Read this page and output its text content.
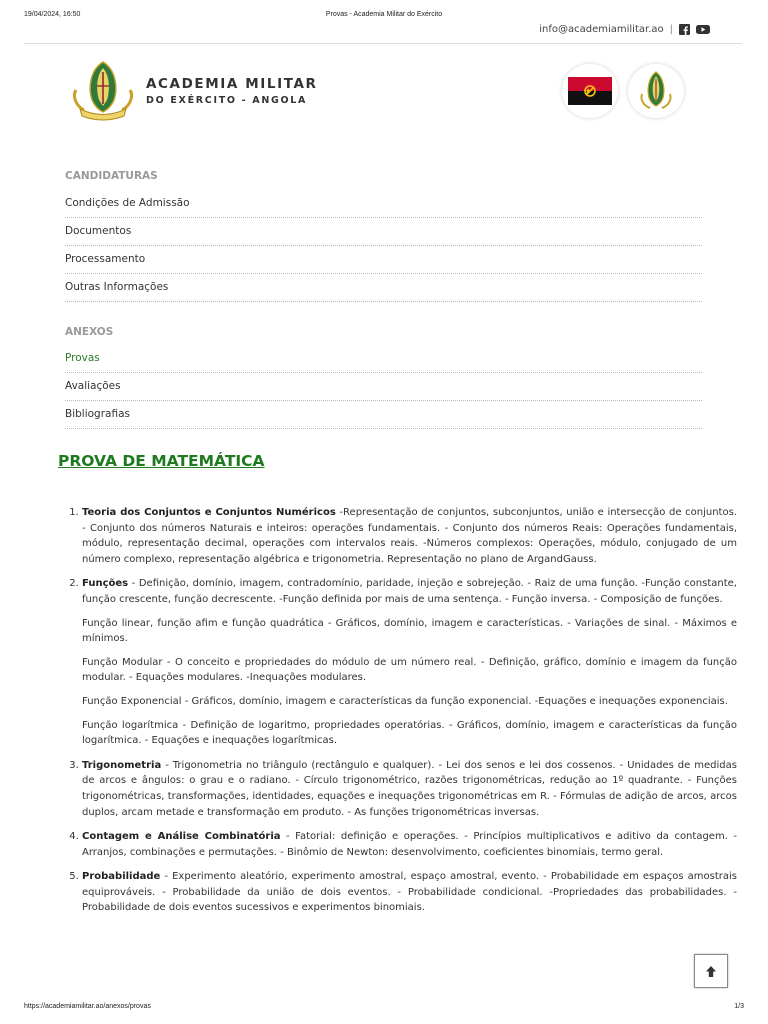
19/04/2024, 16:50	Provas - Academia Militar do Exército
info@academiamilitar.ao |
ACADEMIA MILITAR
DO EXÉRCITO - ANGOLA
CANDIDATURAS
Condições de Admissão
Documentos
Processamento
Outras Informações
ANEXOS
Provas
Avaliações
Bibliografias
PROVA DE MATEMÁTICA
1. Teoria dos Conjuntos e Conjuntos Numéricos -Representação de conjuntos, subconjuntos, união e intersecção de conjuntos. - Conjunto dos números Naturais e inteiros: operações fundamentais. - Conjunto dos números Reais: Operações fundamentais, módulo, representação decimal, operações com intervalos reais. -Números complexos: Operações, módulo, conjugado de um número complexo, representação algébrica e trigonometria. Representação no plano de ArgandGauss.
2. Funções - Definição, domínio, imagem, contradomínio, paridade, injeção e sobrejeção. - Raiz de uma função. -Função constante, função crescente, função decrescente. -Função definida por mais de uma sentença. - Função inversa. - Composição de funções.

Função linear, função afim e função quadrática - Gráficos, domínio, imagem e características. - Variações de sinal. - Máximos e mínimos.

Função Modular - O conceito e propriedades do módulo de um número real. - Definição, gráfico, domínio e imagem da função modular. - Equações modulares. -Inequações modulares.

Função Exponencial - Gráficos, domínio, imagem e características da função exponencial. -Equações e inequações exponenciais.

Função logarítmica - Definição de logaritmo, propriedades operatórias. - Gráficos, domínio, imagem e características da função logarítmica. - Equações e inequações logarítmicas.

3. Trigonometria - Trigonometria no triângulo (rectângulo e qualquer). - Lei dos senos e lei dos cossenos. - Unidades de medidas de arcos e ângulos: o grau e o radiano. - Círculo trigonométrico, razões trigonométricas, redução ao 1º quadrante. - Funções trigonométricas, transformações, identidades, equações e inequações trigonométricas em R. - Fórmulas de adição de arcos, arcos duplos, arcam metade e transformação em produto. - As funções trigonométricas inversas.
4. Contagem e Análise Combinatória - Fatorial: definição e operações. - Princípios multiplicativos e aditivo da contagem. - Arranjos, combinações e permutações. - Binômio de Newton: desenvolvimento, coeficientes binomiais, termo geral.
5. Probabilidade - Experimento aleatório, experimento amostral, espaço amostral, evento. - Probabilidade em espaços amostrais equiprováveis. - Probabilidade da união de dois eventos. - Probabilidade condicional. -Propriedades das probabilidades. - Probabilidade de dois eventos sucessivos e experimentos binomiais.
https://academiamilitar.ao/anexos/provas	1/3
